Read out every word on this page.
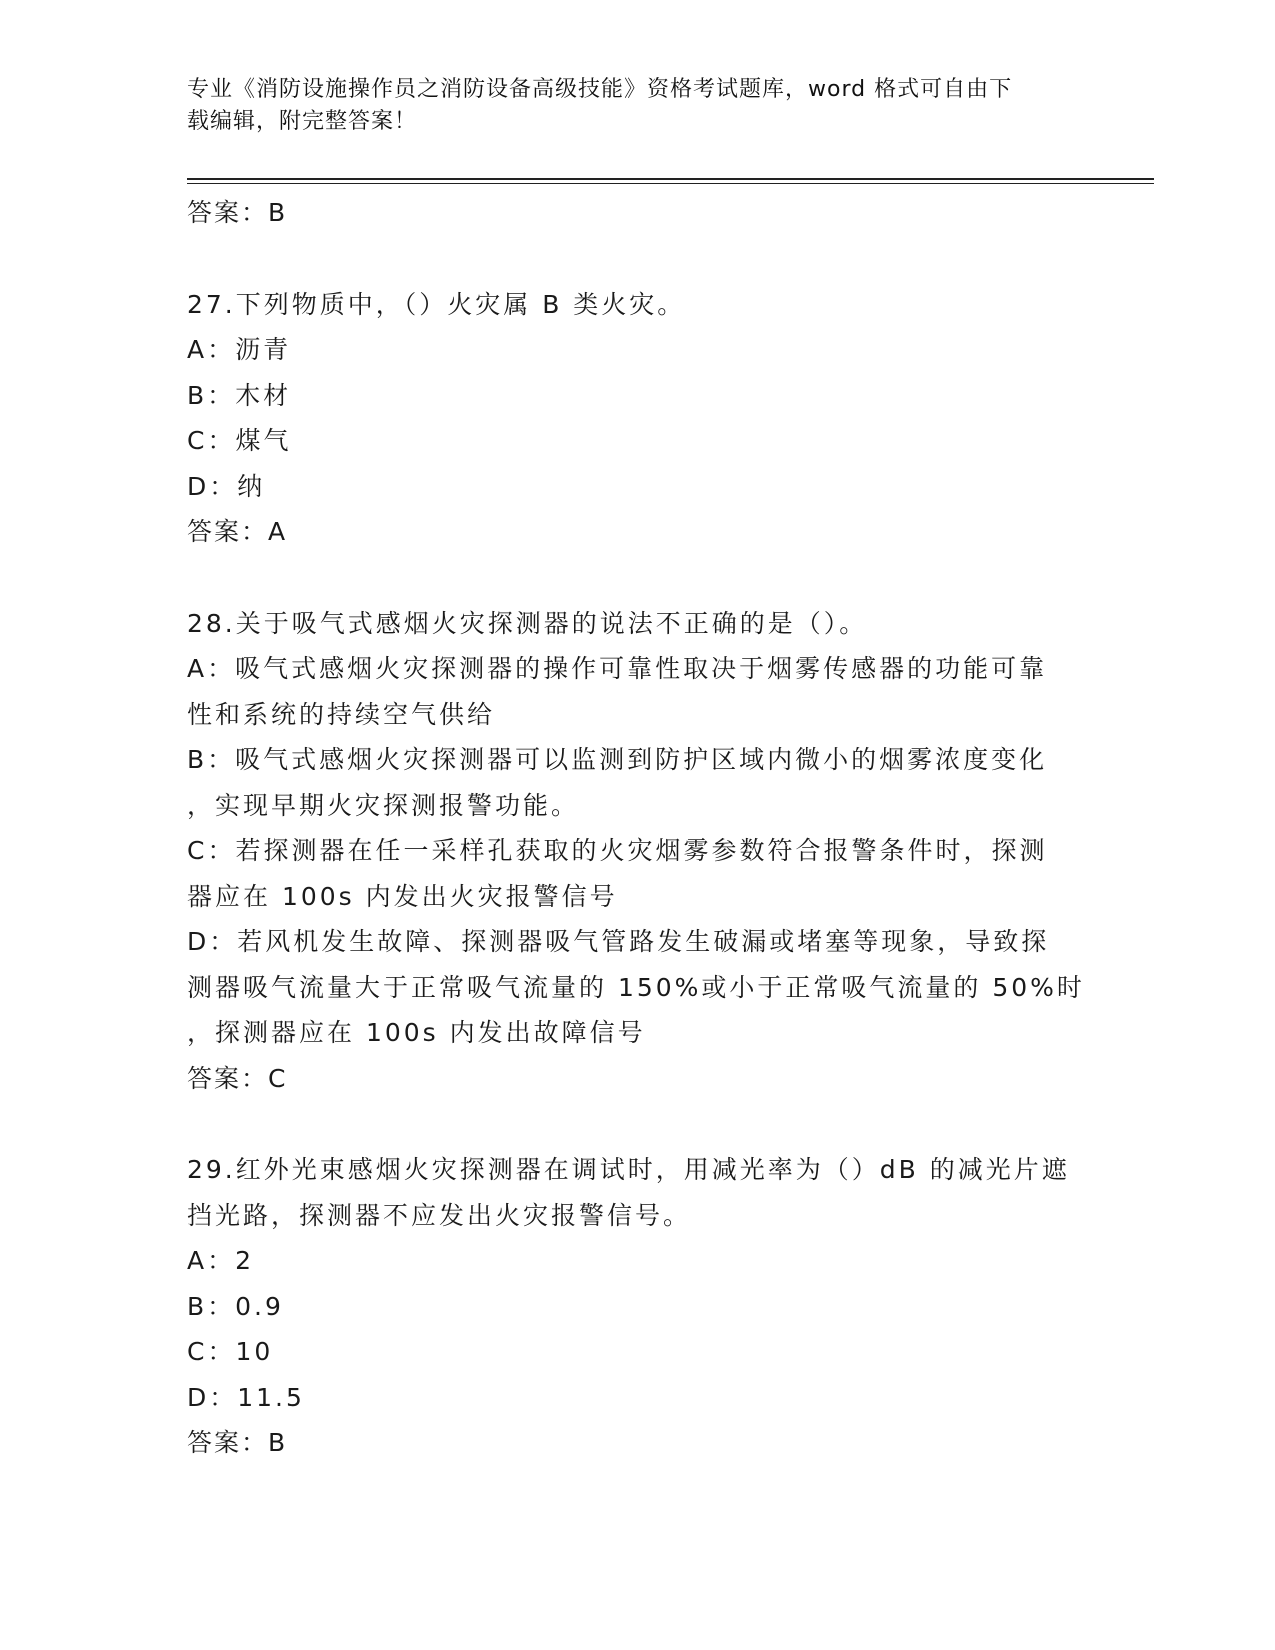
专业《消防设施操作员之消防设备高级技能》资格考试题库，word 格式可自由下
载编辑，附完整答案！

答案：B

27.下列物质中，（）火灾属 B 类火灾。

A：沥青

B：木材

C：煤气

D：纳

答案：A

28.关于吸气式感烟火灾探测器的说法不正确的是（）。

A：吸气式感烟火灾探测器的操作可靠性取决于烟雾传感器的功能可靠

性和系统的持续空气供给

B：吸气式感烟火灾探测器可以监测到防护区域内微小的烟雾浓度变化

，实现早期火灾探测报警功能。

C：若探测器在任一采样孔获取的火灾烟雾参数符合报警条件时，探测

器应在 100s 内发出火灾报警信号

D：若风机发生故障、探测器吸气管路发生破漏或堵塞等现象，导致探

测器吸气流量大于正常吸气流量的 150%或小于正常吸气流量的 50%时

，探测器应在 100s 内发出故障信号

答案：C

29.红外光束感烟火灾探测器在调试时，用减光率为（）dB 的减光片遮

挡光路，探测器不应发出火灾报警信号。

A：2

B：0.9

C：10

D：11.5

答案：B
